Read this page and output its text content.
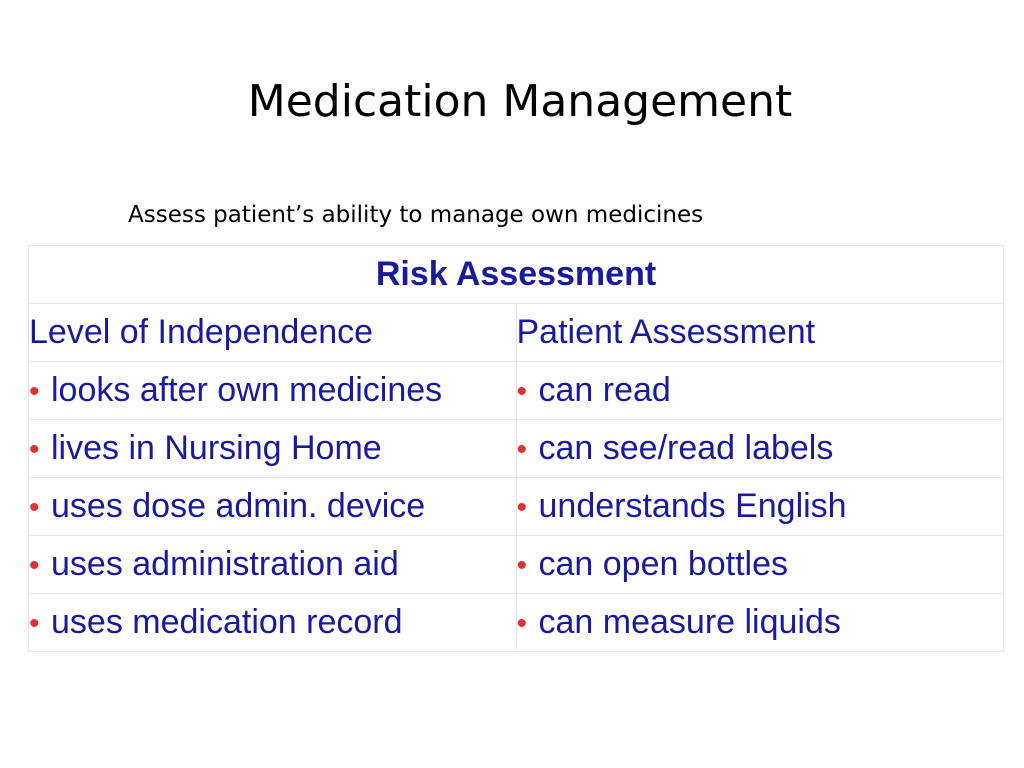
Medication Management
Assess patient’s ability to manage own medicines
Risk Assessment	
Level of Independence	Patient Assessment
• looks after own medicines	• can read
• lives in Nursing Home	• can see/read labels
• uses dose admin. device	• understands English
• uses administration aid	• can open bottles
• uses medication record	• can measure liquids
